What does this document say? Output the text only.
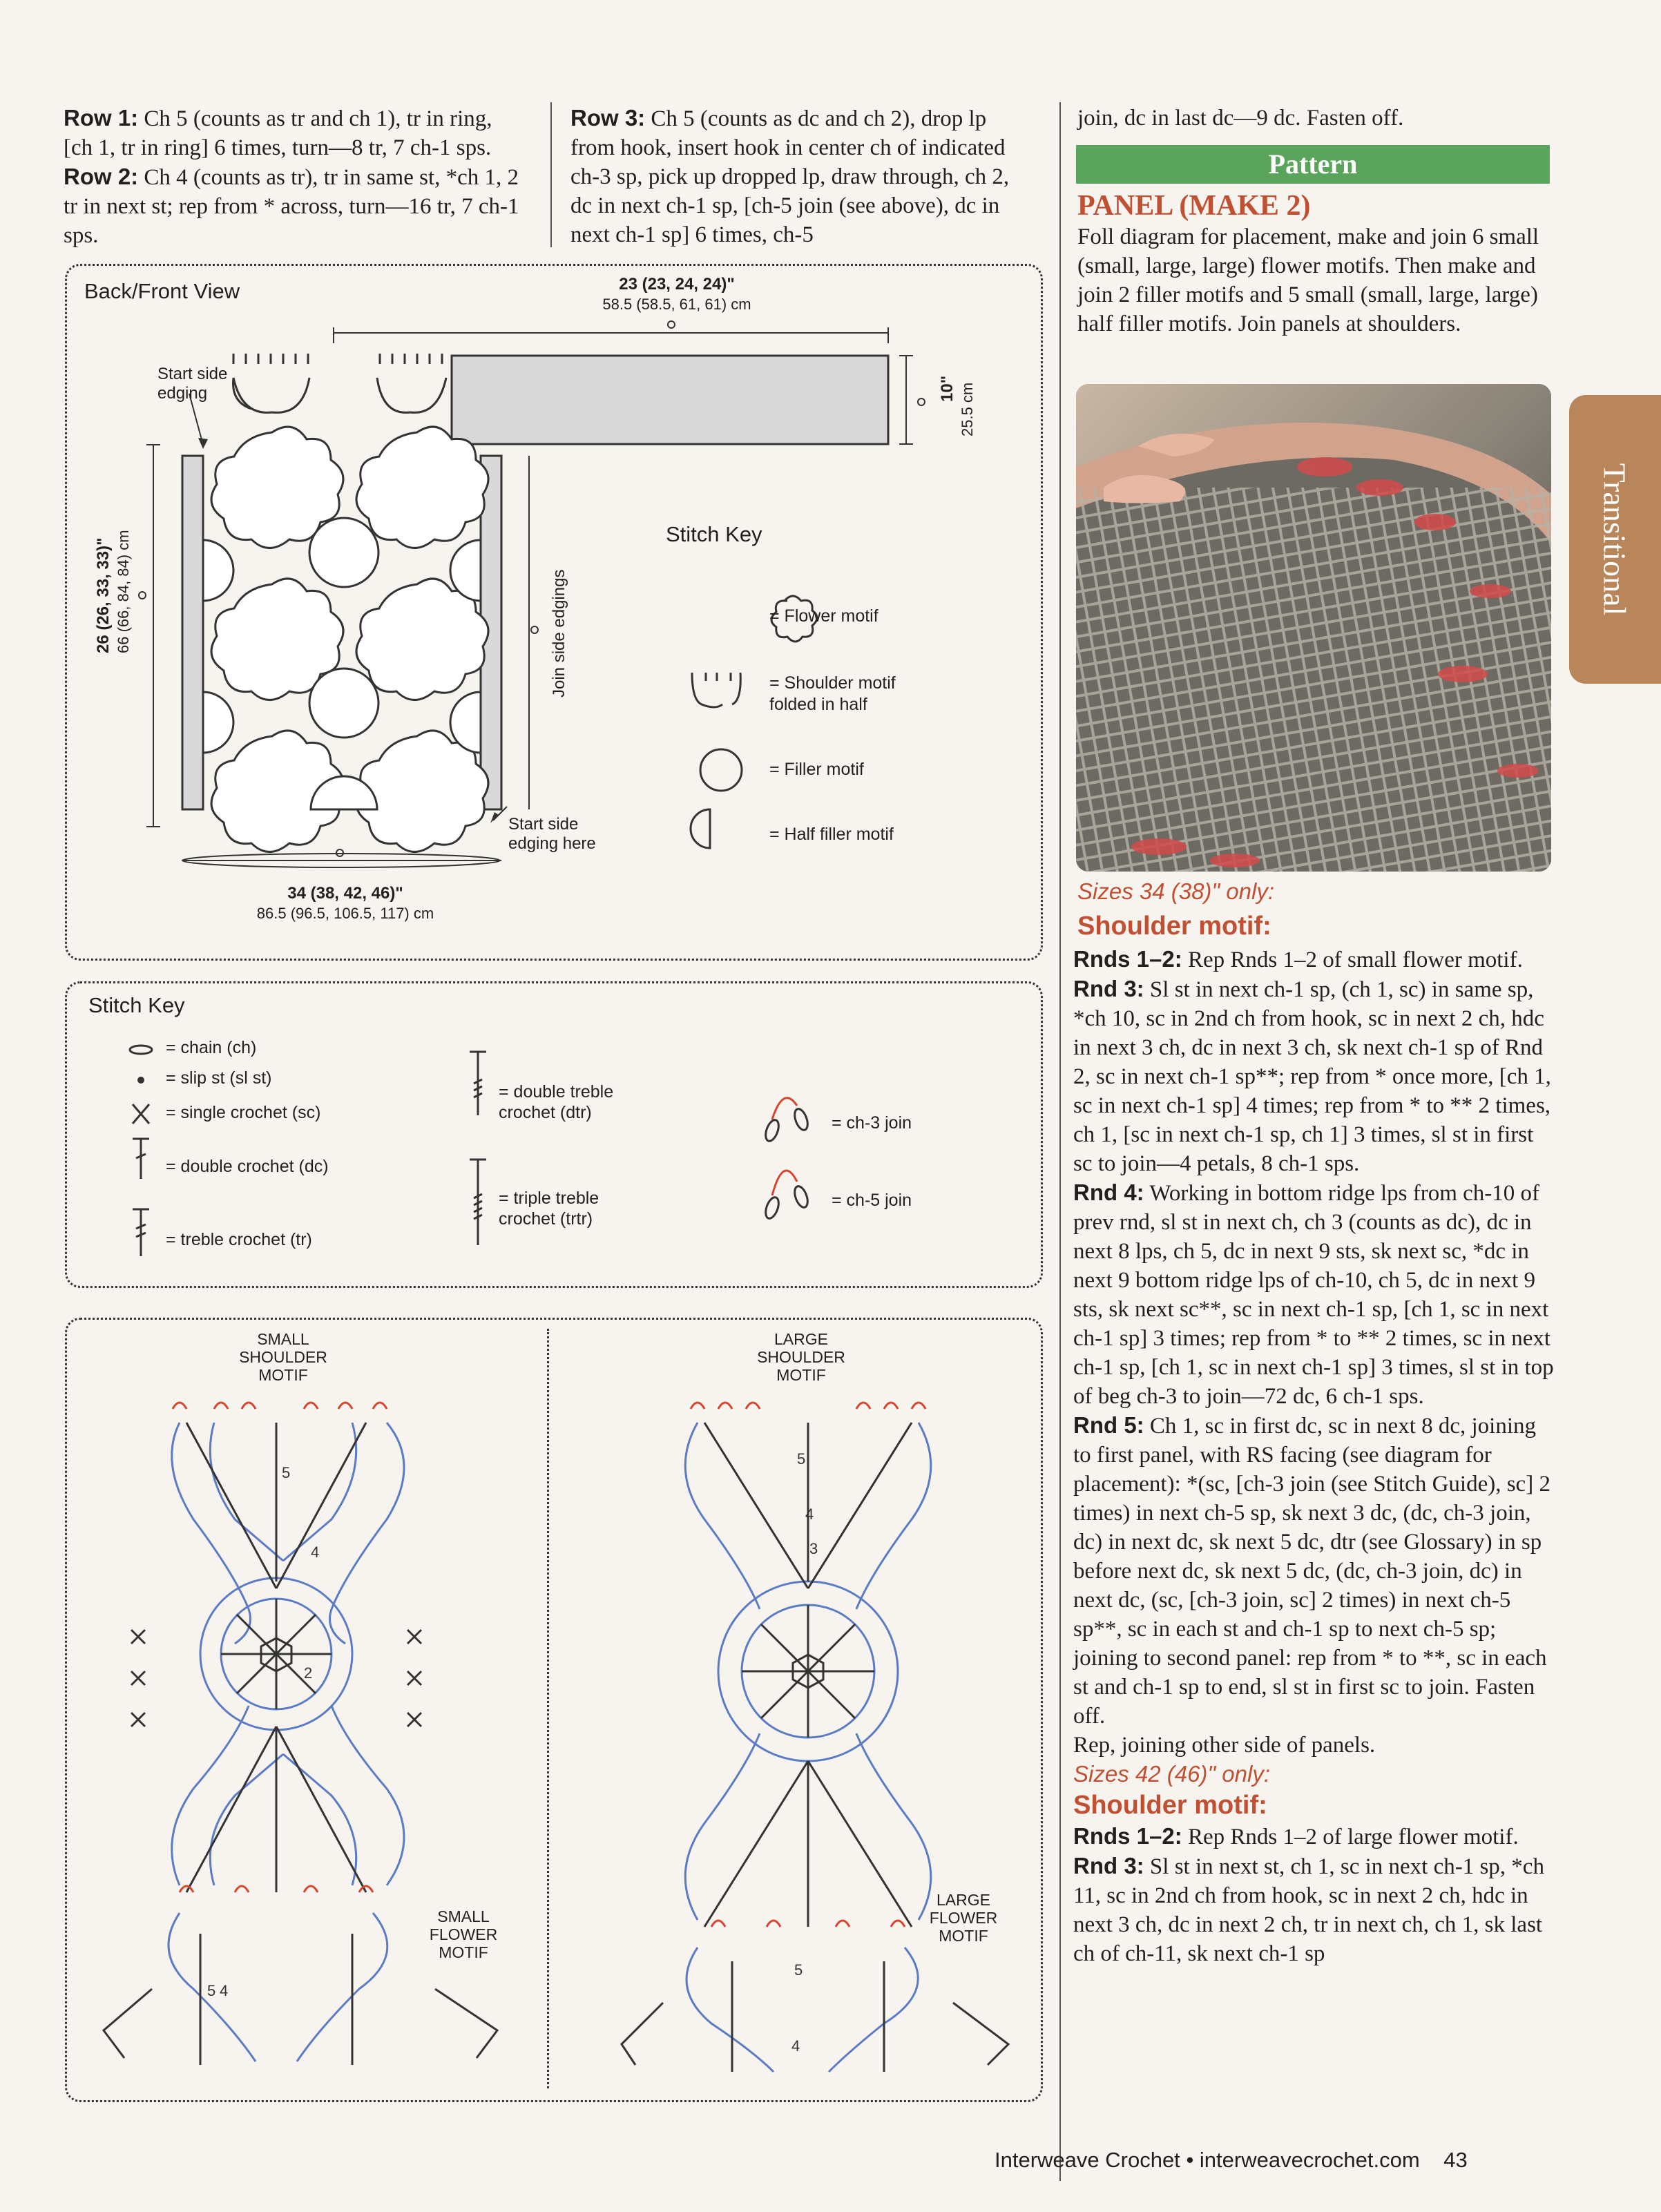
Row 1: Ch 5 (counts as tr and ch 1), tr in ring, [ch 1, tr in ring] 6 times, turn—8 tr, 7 ch-1 sps.

Row 2: Ch 4 (counts as tr), tr in same st, *ch 1, 2 tr in next st; rep from * across, turn—16 tr, 7 ch-1 sps.

Row 3: Ch 5 (counts as dc and ch 2), drop lp from hook, insert hook in center ch of indicated ch-3 sp, pick up dropped lp, draw through, ch 2, dc in next ch-1 sp, [ch-5 join (see above), dc in next ch-1 sp] 6 times, ch-5

join, dc in last dc—9 dc. Fasten off.

Pattern
PANEL (MAKE 2)
Foll diagram for placement, make and join 6 small (small, large, large) flower motifs. Then make and join 2 filler motifs and 5 small (small, large, large) half filler motifs. Join panels at shoulders.
Sizes 34 (38)" only:
Shoulder motif:

Rnds 1–2: Rep Rnds 1–2 of small flower motif.

Rnd 3: Sl st in next ch-1 sp, (ch 1, sc) in same sp, *ch 10, sc in 2nd ch from hook, sc in next 2 ch, hdc in next 3 ch, dc in next 3 ch, sk next ch-1 sp of Rnd 2, sc in next ch-1 sp**; rep from * once more, [ch 1, sc in next ch-1 sp] 4 times; rep from * to ** 2 times, ch 1, [sc in next ch-1 sp, ch 1] 3 times, sl st in first sc to join—4 petals, 8 ch-1 sps.

Rnd 4: Working in bottom ridge lps from ch-10 of prev rnd, sl st in next ch, ch 3 (counts as dc), dc in next 8 lps, ch 5, dc in next 9 sts, sk next sc, *dc in next 9 bottom ridge lps of ch-10, ch 5, dc in next 9 sts, sk next sc**, sc in next ch-1 sp, [ch 1, sc in next ch-1 sp] 3 times; rep from * to ** 2 times, sc in next ch-1 sp, [ch 1, sc in next ch-1 sp] 3 times, sl st in top of beg ch-3 to join—72 dc, 6 ch-1 sps.

Rnd 5: Ch 1, sc in first dc, sc in next 8 dc, joining to first panel, with RS facing (see diagram for placement): *(sc, [ch-3 join (see Stitch Guide), sc] 2 times) in next ch-5 sp, sk next 3 dc, (dc, ch-3 join, dc) in next dc, sk next 5 dc, dtr (see Glossary) in sp before next dc, sk next 5 dc, (dc, ch-3 join, dc) in next dc, (sc, [ch-3 join, sc] 2 times) in next ch-5 sp**, sc in each st and ch-1 sp to next ch-5 sp; joining to second panel: rep from * to **, sc in each st and ch-1 sp to end, sl st in first sc to join. Fasten off.

Rep, joining other side of panels.

Sizes 42 (46)" only:

Shoulder motif:

Rnds 1–2: Rep Rnds 1–2 of large flower motif.

Rnd 3: Sl st in next st, ch 1, sc in next ch-1 sp, *ch 11, sc in 2nd ch from hook, sc in next 2 ch, hdc in next 3 ch, dc in next 2 ch, tr in next ch, ch 1, sk last ch of ch-11, sk next ch-1 sp

Transitional
Back/Front View	23 (23, 24, 24)"
58.5 (58.5, 61, 61) cm
10" 25.5 cm
26 (26, 33, 33)" 66 (66, 84, 84) cm
Start side edging
Start side edging here
Join side edgings
34 (38, 42, 46)"
86.5 (96.5, 106.5, 117) cm
Stitch Key
= Flower motif
= Shoulder motif folded in half
= Filler motif
= Half filler motif
Stitch Key
= chain (ch)
= slip st (sl st)
= single crochet (sc)
= double crochet (dc)
= treble crochet (tr)
= double treble crochet (dtr)
= triple treble crochet (trtr)
= ch-3 join
= ch-5 join
SMALL SHOULDER MOTIF
LARGE SHOULDER MOTIF
SMALL FLOWER MOTIF
LARGE FLOWER MOTIF
5
5 4
4
2
5
4
3
5
4
Interweave Crochet • interweavecrochet.com 43
